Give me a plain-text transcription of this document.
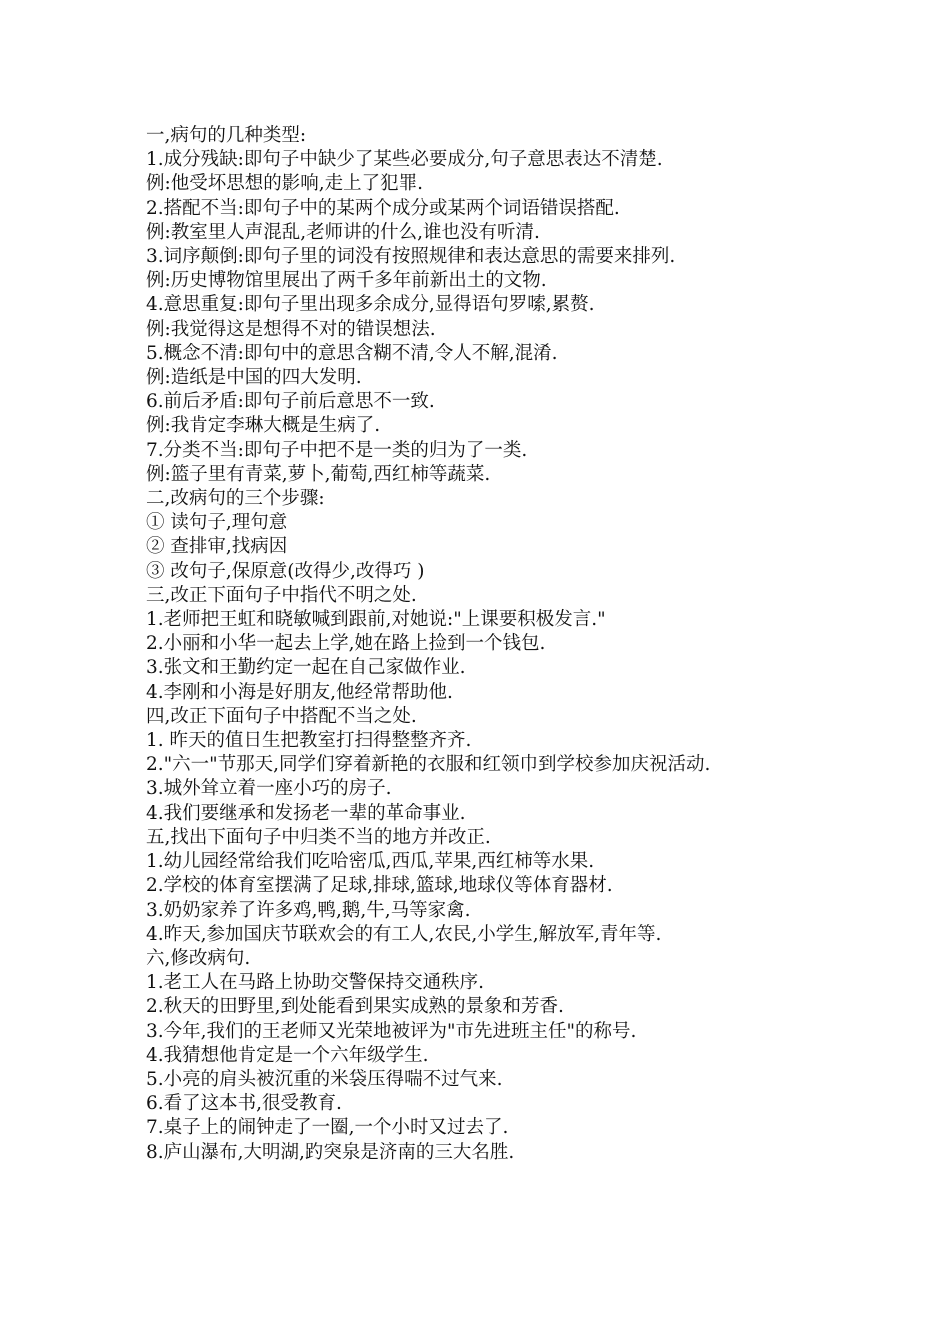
一,病句的几种类型:

1.成分残缺:即句子中缺少了某些必要成分,句子意思表达不清楚.

例:他受坏思想的影响,走上了犯罪.

2.搭配不当:即句子中的某两个成分或某两个词语错误搭配.

例:教室里人声混乱,老师讲的什么,谁也没有听清.

3.词序颠倒:即句子里的词没有按照规律和表达意思的需要来排列.

例:历史博物馆里展出了两千多年前新出土的文物.

4.意思重复:即句子里出现多余成分,显得语句罗嗦,累赘.

例:我觉得这是想得不对的错误想法.

5.概念不清:即句中的意思含糊不清,令人不解,混淆.

例:造纸是中国的四大发明.

6.前后矛盾:即句子前后意思不一致.

例:我肯定李琳大概是生病了.

7.分类不当:即句子中把不是一类的归为了一类.

例:篮子里有青菜,萝卜,葡萄,西红柿等蔬菜.

二,改病句的三个步骤:

① 读句子,理句意

② 查排审,找病因

③ 改句子,保原意(改得少,改得巧 )

三,改正下面句子中指代不明之处.

1.老师把王虹和晓敏喊到跟前,对她说:"上课要积极发言."

2.小丽和小华一起去上学,她在路上捡到一个钱包.

3.张文和王勤约定一起在自己家做作业.

4.李刚和小海是好朋友,他经常帮助他.

四,改正下面句子中搭配不当之处.

1. 昨天的值日生把教室打扫得整整齐齐.

2."六一"节那天,同学们穿着新艳的衣服和红领巾到学校参加庆祝活动.

3.城外耸立着一座小巧的房子.

4.我们要继承和发扬老一辈的革命事业.

五,找出下面句子中归类不当的地方并改正.

1.幼儿园经常给我们吃哈密瓜,西瓜,苹果,西红柿等水果.

2.学校的体育室摆满了足球,排球,篮球,地球仪等体育器材.

3.奶奶家养了许多鸡,鸭,鹅,牛,马等家禽.

4.昨天,参加国庆节联欢会的有工人,农民,小学生,解放军,青年等.

六,修改病句.

1.老工人在马路上协助交警保持交通秩序.

2.秋天的田野里,到处能看到果实成熟的景象和芳香.

3.今年,我们的王老师又光荣地被评为"市先进班主任"的称号.

4.我猜想他肯定是一个六年级学生.

5.小亮的肩头被沉重的米袋压得喘不过气来.

6.看了这本书,很受教育.

7.桌子上的闹钟走了一圈,一个小时又过去了.

8.庐山瀑布,大明湖,趵突泉是济南的三大名胜.
